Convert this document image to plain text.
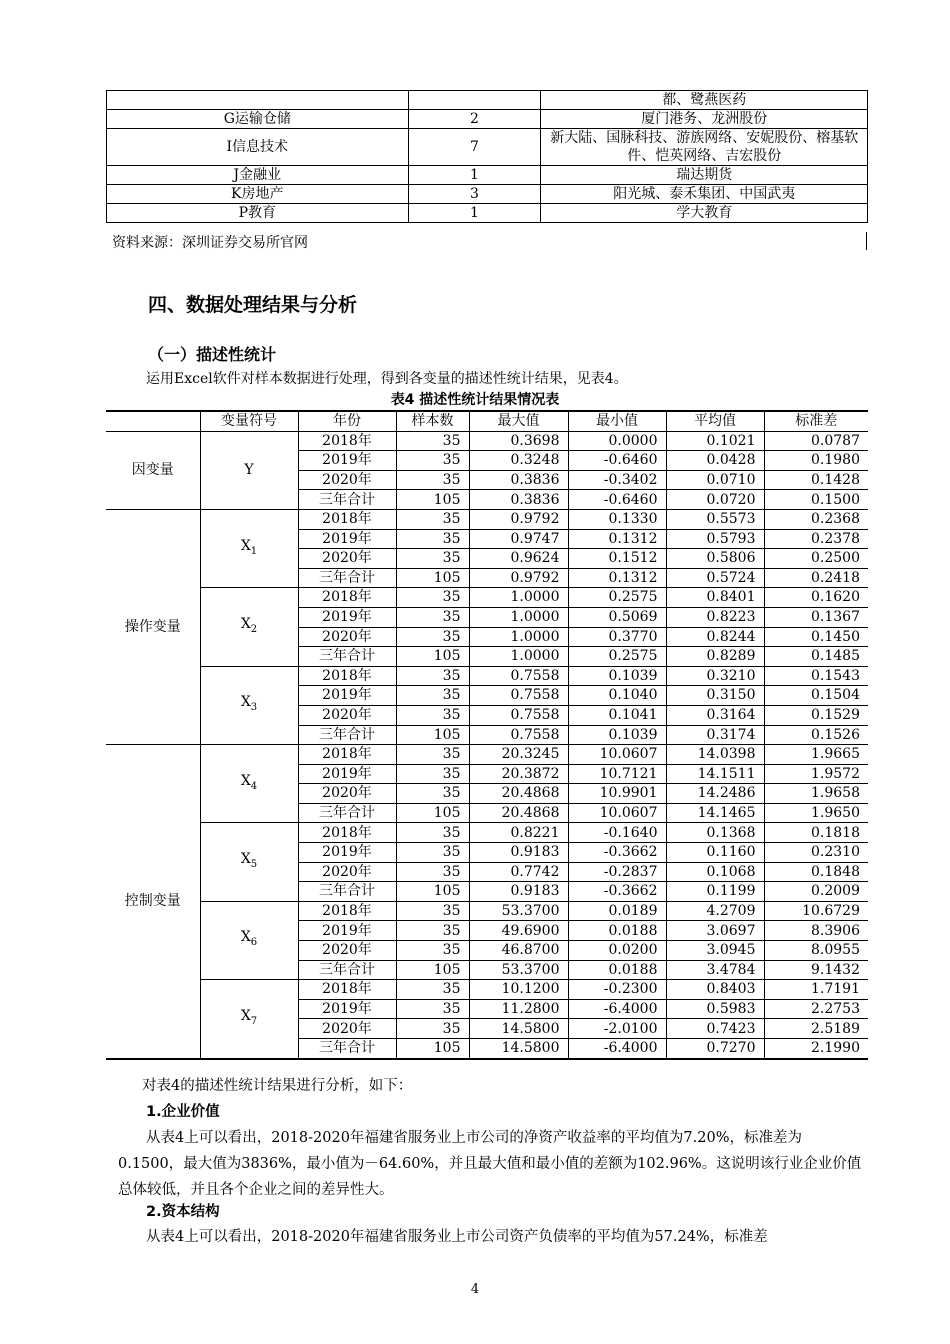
		都、鹭燕医药
G运输仓储	2	厦门港务、龙洲股份
I信息技术	7	新大陆、国脉科技、游族网络、安妮股份、榕基软件、恺英网络、吉宏股份
J金融业	1	瑞达期货
K房地产	3	阳光城、泰禾集团、中国武夷
P教育	1	学大教育
资料来源：深圳证券交易所官网
四、数据处理结果与分析
（一）描述性统计

运用Excel软件对样本数据进行处理，得到各变量的描述性统计结果，见表4。

表4 描述性统计结果情况表

	变量符号	年份	样本数	最大值	最小值	平均值	标准差
因变量	Y	2018年	35	0.3698	0.0000	0.1021	0.0787
		2019年	35	0.3248	-0.6460	0.0428	0.1980
		2020年	35	0.3836	-0.3402	0.0710	0.1428
		三年合计	105	0.3836	-0.6460	0.0720	0.1500
操作变量	$X_1$	2018年	35	0.9792	0.1330	0.5573	0.2368
		2019年	35	0.9747	0.1312	0.5793	0.2378
		2020年	35	0.9624	0.1512	0.5806	0.2500
		三年合计	105	0.9792	0.1312	0.5724	0.2418
	$X_2$	2018年	35	1.0000	0.2575	0.8401	0.1620
		2019年	35	1.0000	0.5069	0.8223	0.1367
		2020年	35	1.0000	0.3770	0.8244	0.1450
		三年合计	105	1.0000	0.2575	0.8289	0.1485
	$X_3$	2018年	35	0.7558	0.1039	0.3210	0.1543
		2019年	35	0.7558	0.1040	0.3150	0.1504
		2020年	35	0.7558	0.1041	0.3164	0.1529
		三年合计	105	0.7558	0.1039	0.3174	0.1526
控制变量	$X_4$	2018年	35	20.3245	10.0607	14.0398	1.9665
		2019年	35	20.3872	10.7121	14.1511	1.9572
		2020年	35	20.4868	10.9901	14.2486	1.9658
		三年合计	105	20.4868	10.0607	14.1465	1.9650
	$X_5$	2018年	35	0.8221	-0.1640	0.1368	0.1818
		2019年	35	0.9183	-0.3662	0.1160	0.2310
		2020年	35	0.7742	-0.2837	0.1068	0.1848
		三年合计	105	0.9183	-0.3662	0.1199	0.2009
	$X_6$	2018年	35	53.3700	0.0189	4.2709	10.6729
		2019年	35	49.6900	0.0188	3.0697	8.3906
		2020年	35	46.8700	0.0200	3.0945	8.0955
		三年合计	105	53.3700	0.0188	3.4784	9.1432
	$X_7$	2018年	35	10.1200	-0.2300	0.8403	1.7191
		2019年	35	11.2800	-6.4000	0.5983	2.2753
		2020年	35	14.5800	-2.0100	0.7423	2.5189
		三年合计	105	14.5800	-6.4000	0.7270	2.1990

对表4的描述性统计结果进行分析，如下：

1.企业价值

从表4上可以看出，2018-2020年福建省服务业上市公司的净资产收益率的平均值为7.20%，标准差为0.1500，最大值为3836%，最小值为－64.60%，并且最大值和最小值的差额为102.96%。这说明该行业企业价值总体较低，并且各个企业之间的差异性大。

2.资本结构

从表4上可以看出，2018-2020年福建省服务业上市公司资产负债率的平均值为57.24%，标准差

4
